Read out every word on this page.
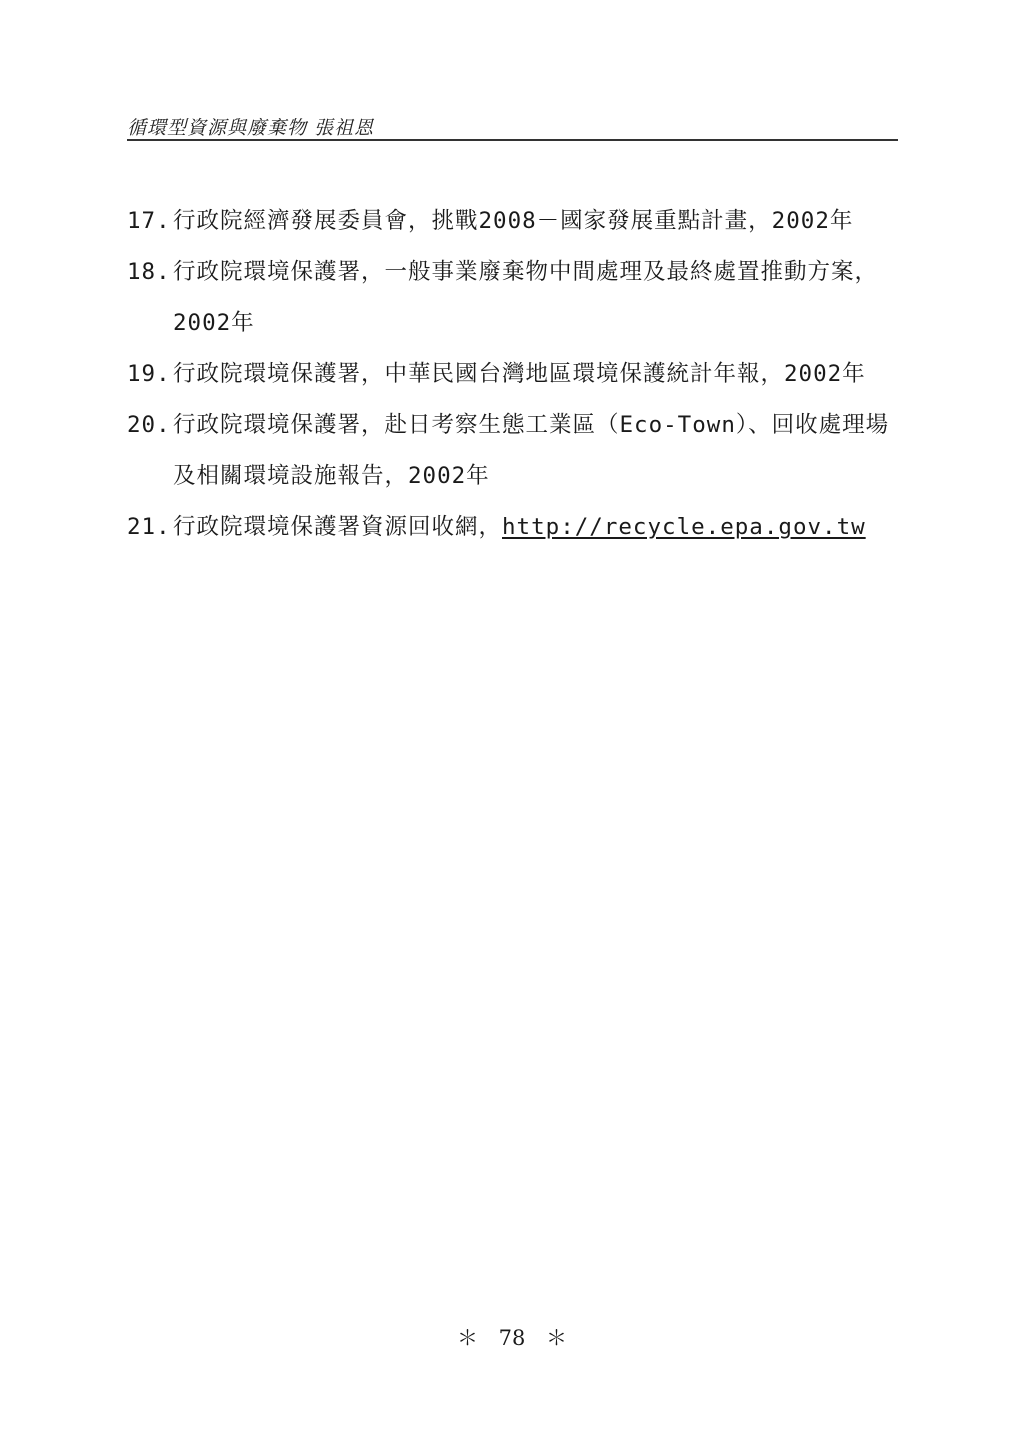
循環型資源與廢棄物 張祖恩
17. 行政院經濟發展委員會，挑戰2008－國家發展重點計畫，2002年
18. 行政院環境保護署，一般事業廢棄物中間處理及最終處置推動方案，2002年
19. 行政院環境保護署，中華民國台灣地區環境保護統計年報，2002年
20. 行政院環境保護署，赴日考察生態工業區（Eco-Town）、回收處理場及相關環境設施報告，2002年
21. 行政院環境保護署資源回收網，http://recycle.epa.gov.tw
＊ 78 ＊
